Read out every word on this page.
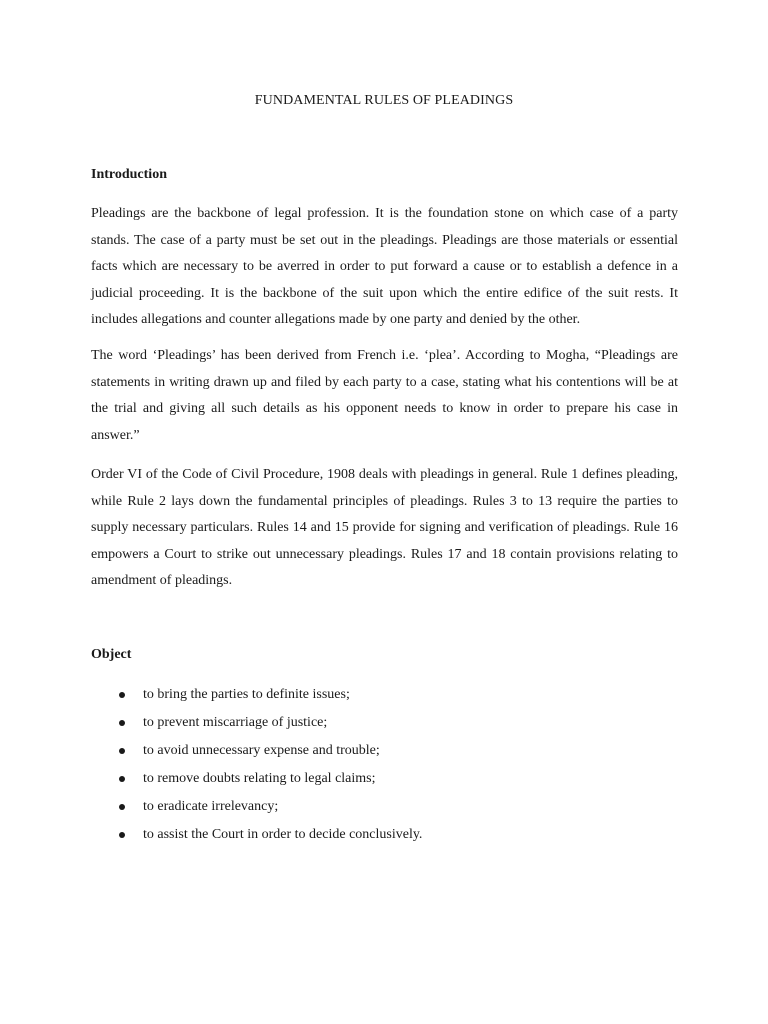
FUNDAMENTAL RULES OF PLEADINGS
Introduction

Pleadings are the backbone of legal profession. It is the foundation stone on which case of a party stands. The case of a party must be set out in the pleadings. Pleadings are those materials or essential facts which are necessary to be averred in order to put forward a cause or to establish a defence in a judicial proceeding. It is the backbone of the suit upon which the entire edifice of the suit rests. It includes allegations and counter allegations made by one party and denied by the other.

The word ‘Pleadings’ has been derived from French i.e. ‘plea’. According to Mogha, “Pleadings are statements in writing drawn up and filed by each party to a case, stating what his contentions will be at the trial and giving all such details as his opponent needs to know in order to prepare his case in answer.”

Order VI of the Code of Civil Procedure, 1908 deals with pleadings in general. Rule 1 defines pleading, while Rule 2 lays down the fundamental principles of pleadings. Rules 3 to 13 require the parties to supply necessary particulars. Rules 14 and 15 provide for signing and verification of pleadings. Rule 16 empowers a Court to strike out unnecessary pleadings. Rules 17 and 18 contain provisions relating to amendment of pleadings.

Object
to bring the parties to definite issues;
to prevent miscarriage of justice;
to avoid unnecessary expense and trouble;
to remove doubts relating to legal claims;
to eradicate irrelevancy;
to assist the Court in order to decide conclusively.
